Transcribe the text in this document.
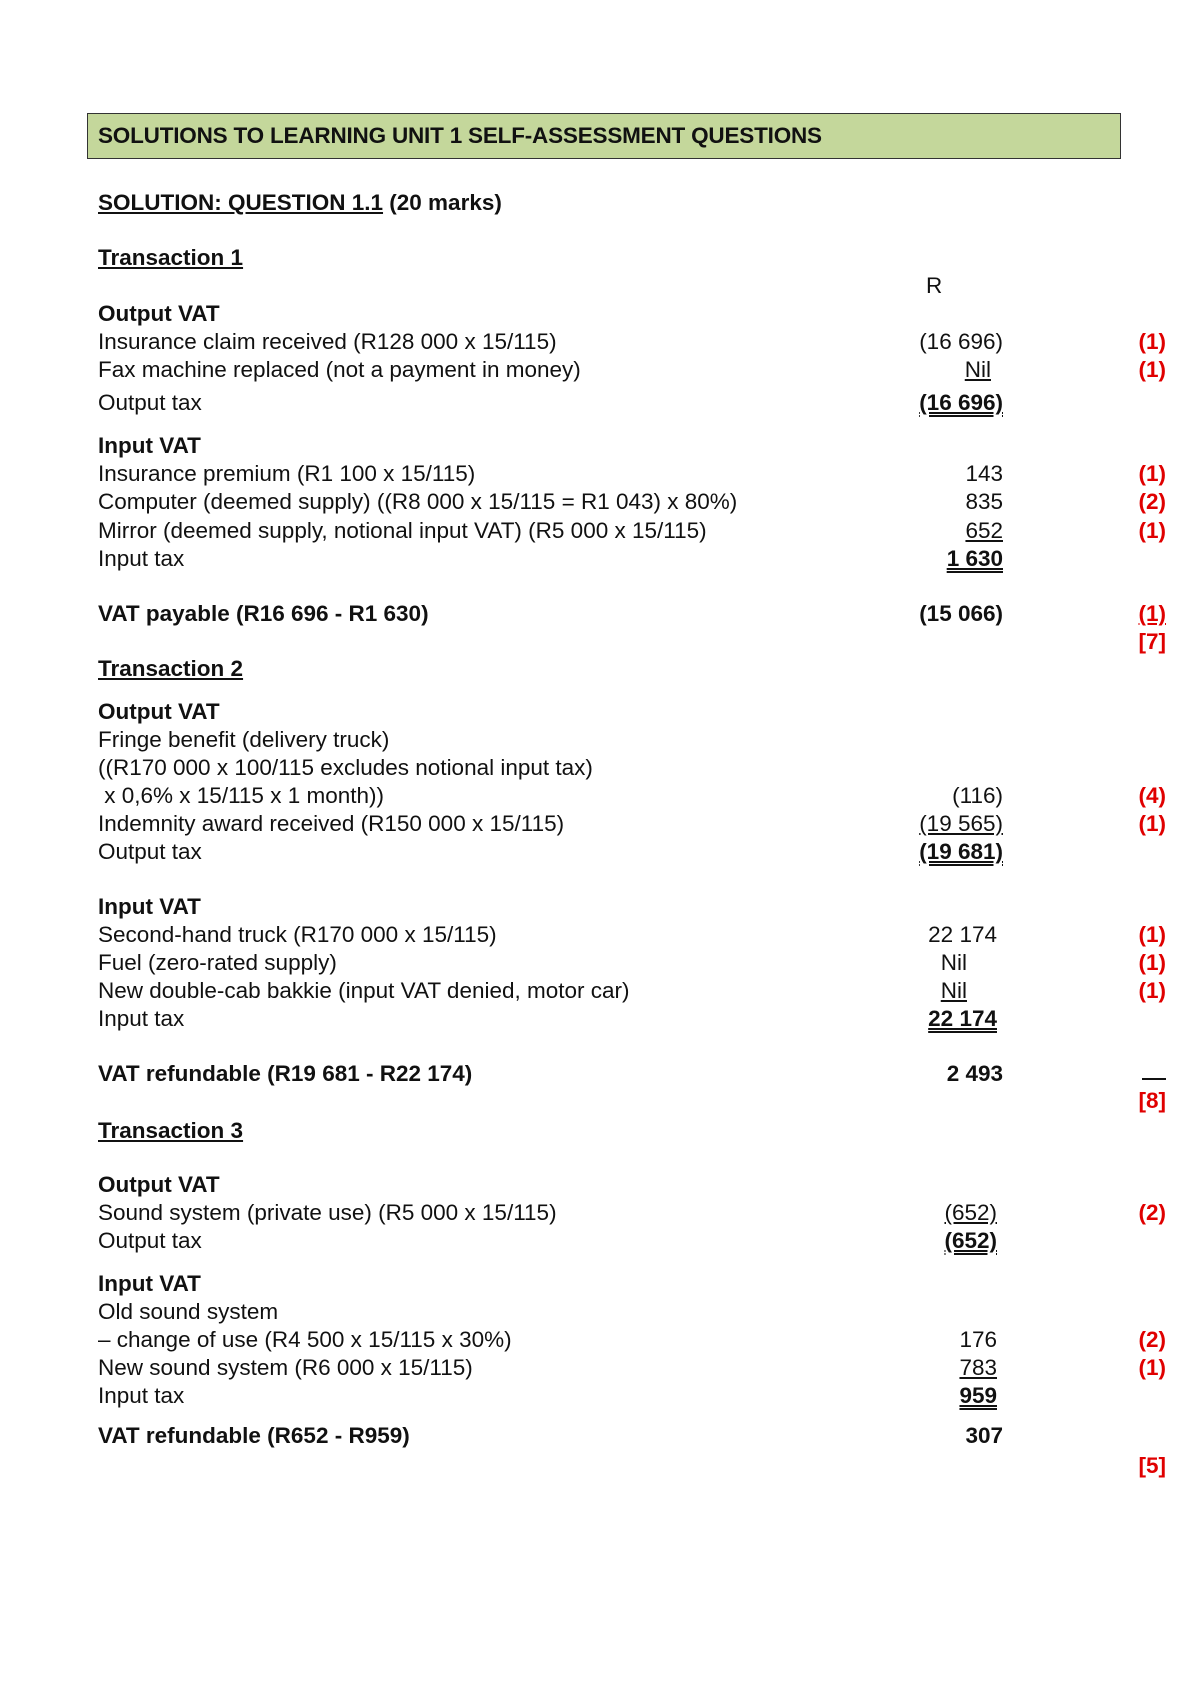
SOLUTIONS TO LEARNING UNIT 1 SELF-ASSESSMENT QUESTIONS
SOLUTION: QUESTION 1.1 (20 marks)
Transaction 1
R
Output VAT
Insurance claim received (R128 000 x 15/115)	(16 696)	(1)
Fax machine replaced (not a payment in money)	Nil	(1)
Output tax	(16 696)
Input VAT
Insurance premium (R1 100 x 15/115)	143	(1)
Computer (deemed supply) ((R8 000 x 15/115 = R1 043) x 80%)	835	(2)
Mirror (deemed supply, notional input VAT) (R5 000 x 15/115)	652	(1)
Input tax	1 630
VAT payable (R16 696 - R1 630)	(15 066)	(1)
[7]
Transaction 2
Output VAT
Fringe benefit (delivery truck)
((R170 000 x 100/115 excludes notional input tax)
x 0,6% x 15/115 x 1 month))	(116)	(4)
Indemnity award received (R150 000 x 15/115)	(19 565)	(1)
Output tax	(19 681)
Input VAT
Second-hand truck (R170 000 x 15/115)	22 174	(1)
Fuel (zero-rated supply)	Nil	(1)
New double-cab bakkie (input VAT denied, motor car)	Nil	(1)
Input tax	22 174
VAT refundable (R19 681 - R22 174)	2 493
[8]
Transaction 3
Output VAT
Sound system (private use) (R5 000 x 15/115)	(652)	(2)
Output tax	(652)
Input VAT
Old sound system
– change of use (R4 500 x 15/115 x 30%)	176	(2)
New sound system (R6 000 x 15/115)	783	(1)
Input tax	959
VAT refundable (R652 - R959)	307
[5]
